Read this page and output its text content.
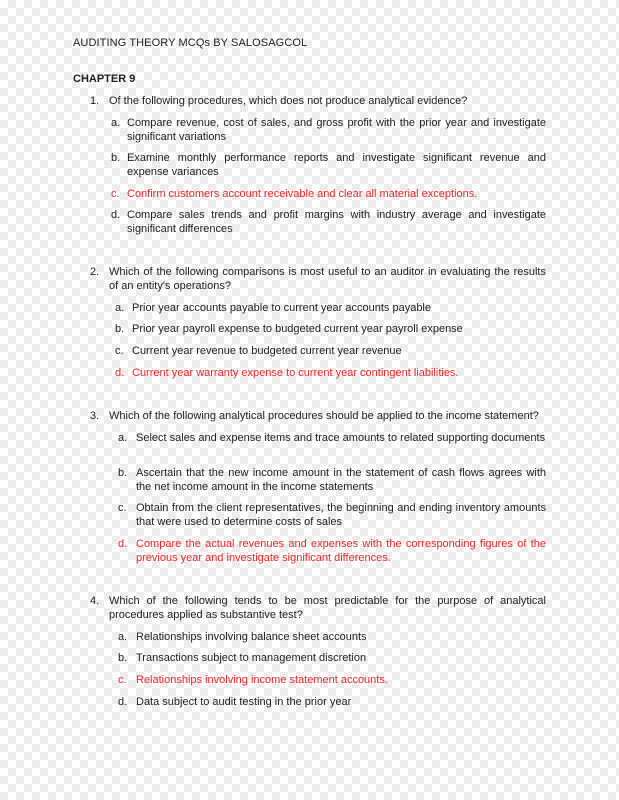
AUDITING THEORY MCQs BY SALOSAGCOL
CHAPTER 9
1. Of the following procedures, which does not produce analytical evidence?
a. Compare revenue, cost of sales, and gross profit with the prior year and investigate significant variations
b. Examine monthly performance reports and investigate significant revenue and expense variances
c. Confirm customers account receivable and clear all material exceptions.
d. Compare sales trends and profit margins with industry average and investigate significant differences
2. Which of the following comparisons is most useful to an auditor in evaluating the results of an entity's operations?
a. Prior year accounts payable to current year accounts payable
b. Prior year payroll expense to budgeted current year payroll expense
c. Current year revenue to budgeted current year revenue
d. Current year warranty expense to current year contingent liabilities.
3. Which of the following analytical procedures should be applied to the income statement?
a. Select sales and expense items and trace amounts to related supporting documents
b. Ascertain that the new income amount in the statement of cash flows agrees with the net income amount in the income statements
c. Obtain from the client representatives, the beginning and ending inventory amounts that were used to determine costs of sales
d. Compare the actual revenues and expenses with the corresponding figures of the previous year and investigate significant differences.
4. Which of the following tends to be most predictable for the purpose of analytical procedures applied as substantive test?
a. Relationships involving balance sheet accounts
b. Transactions subject to management discretion
c. Relationships involving income statement accounts.
d. Data subject to audit testing in the prior year
